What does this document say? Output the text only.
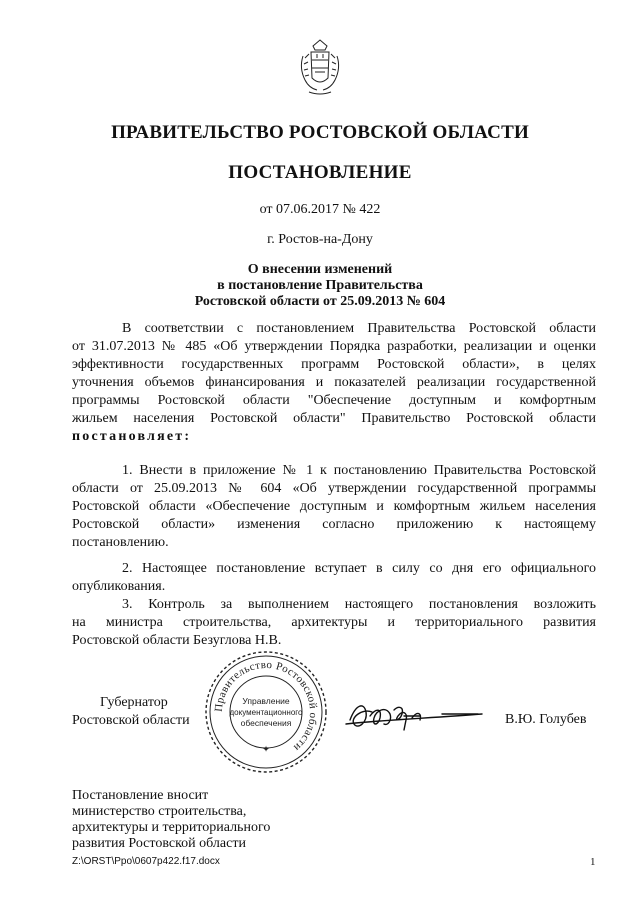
ПРАВИТЕЛЬСТВО РОСТОВСКОЙ ОБЛАСТИ
ПОСТАНОВЛЕНИЕ
от 07.06.2017 № 422
г. Ростов-на-Дону
О внесении изменений
в постановление Правительства
Ростовской области от 25.09.2013 № 604
В соответствии с постановлением Правительства Ростовской области
от 31.07.2013 № 485 «Об утверждении Порядка разработки, реализации и оценки
эффективности государственных программ Ростовской области», в целях
уточнения объемов финансирования и показателей реализации государственной
программы Ростовской области "Обеспечение доступным и комфортным
жильем населения Ростовской области" Правительство Ростовской области
постановляет:
1. Внести в приложение № 1 к постановлению Правительства Ростовской
области от 25.09.2013 № 604 «Об утверждении государственной программы
Ростовской области «Обеспечение доступным и комфортным жильем населения
Ростовской области» изменения согласно приложению к настоящему
постановлению.
2. Настоящее постановление вступает в силу со дня его официального
опубликования.
3. Контроль за выполнением настоящего постановления возложить
на министра строительства, архитектуры и территориального развития
Ростовской области Безуглова Н.В.
Губернатор
Ростовской области
Правительство Ростовской области
Управление
документационного
обеспечения
✦
В.Ю. Голубев
Постановление вносит
министерство строительства,
архитектуры и территориального
развития Ростовской области
Z:\ORST\Ppo\0607p422.f17.docx	1
